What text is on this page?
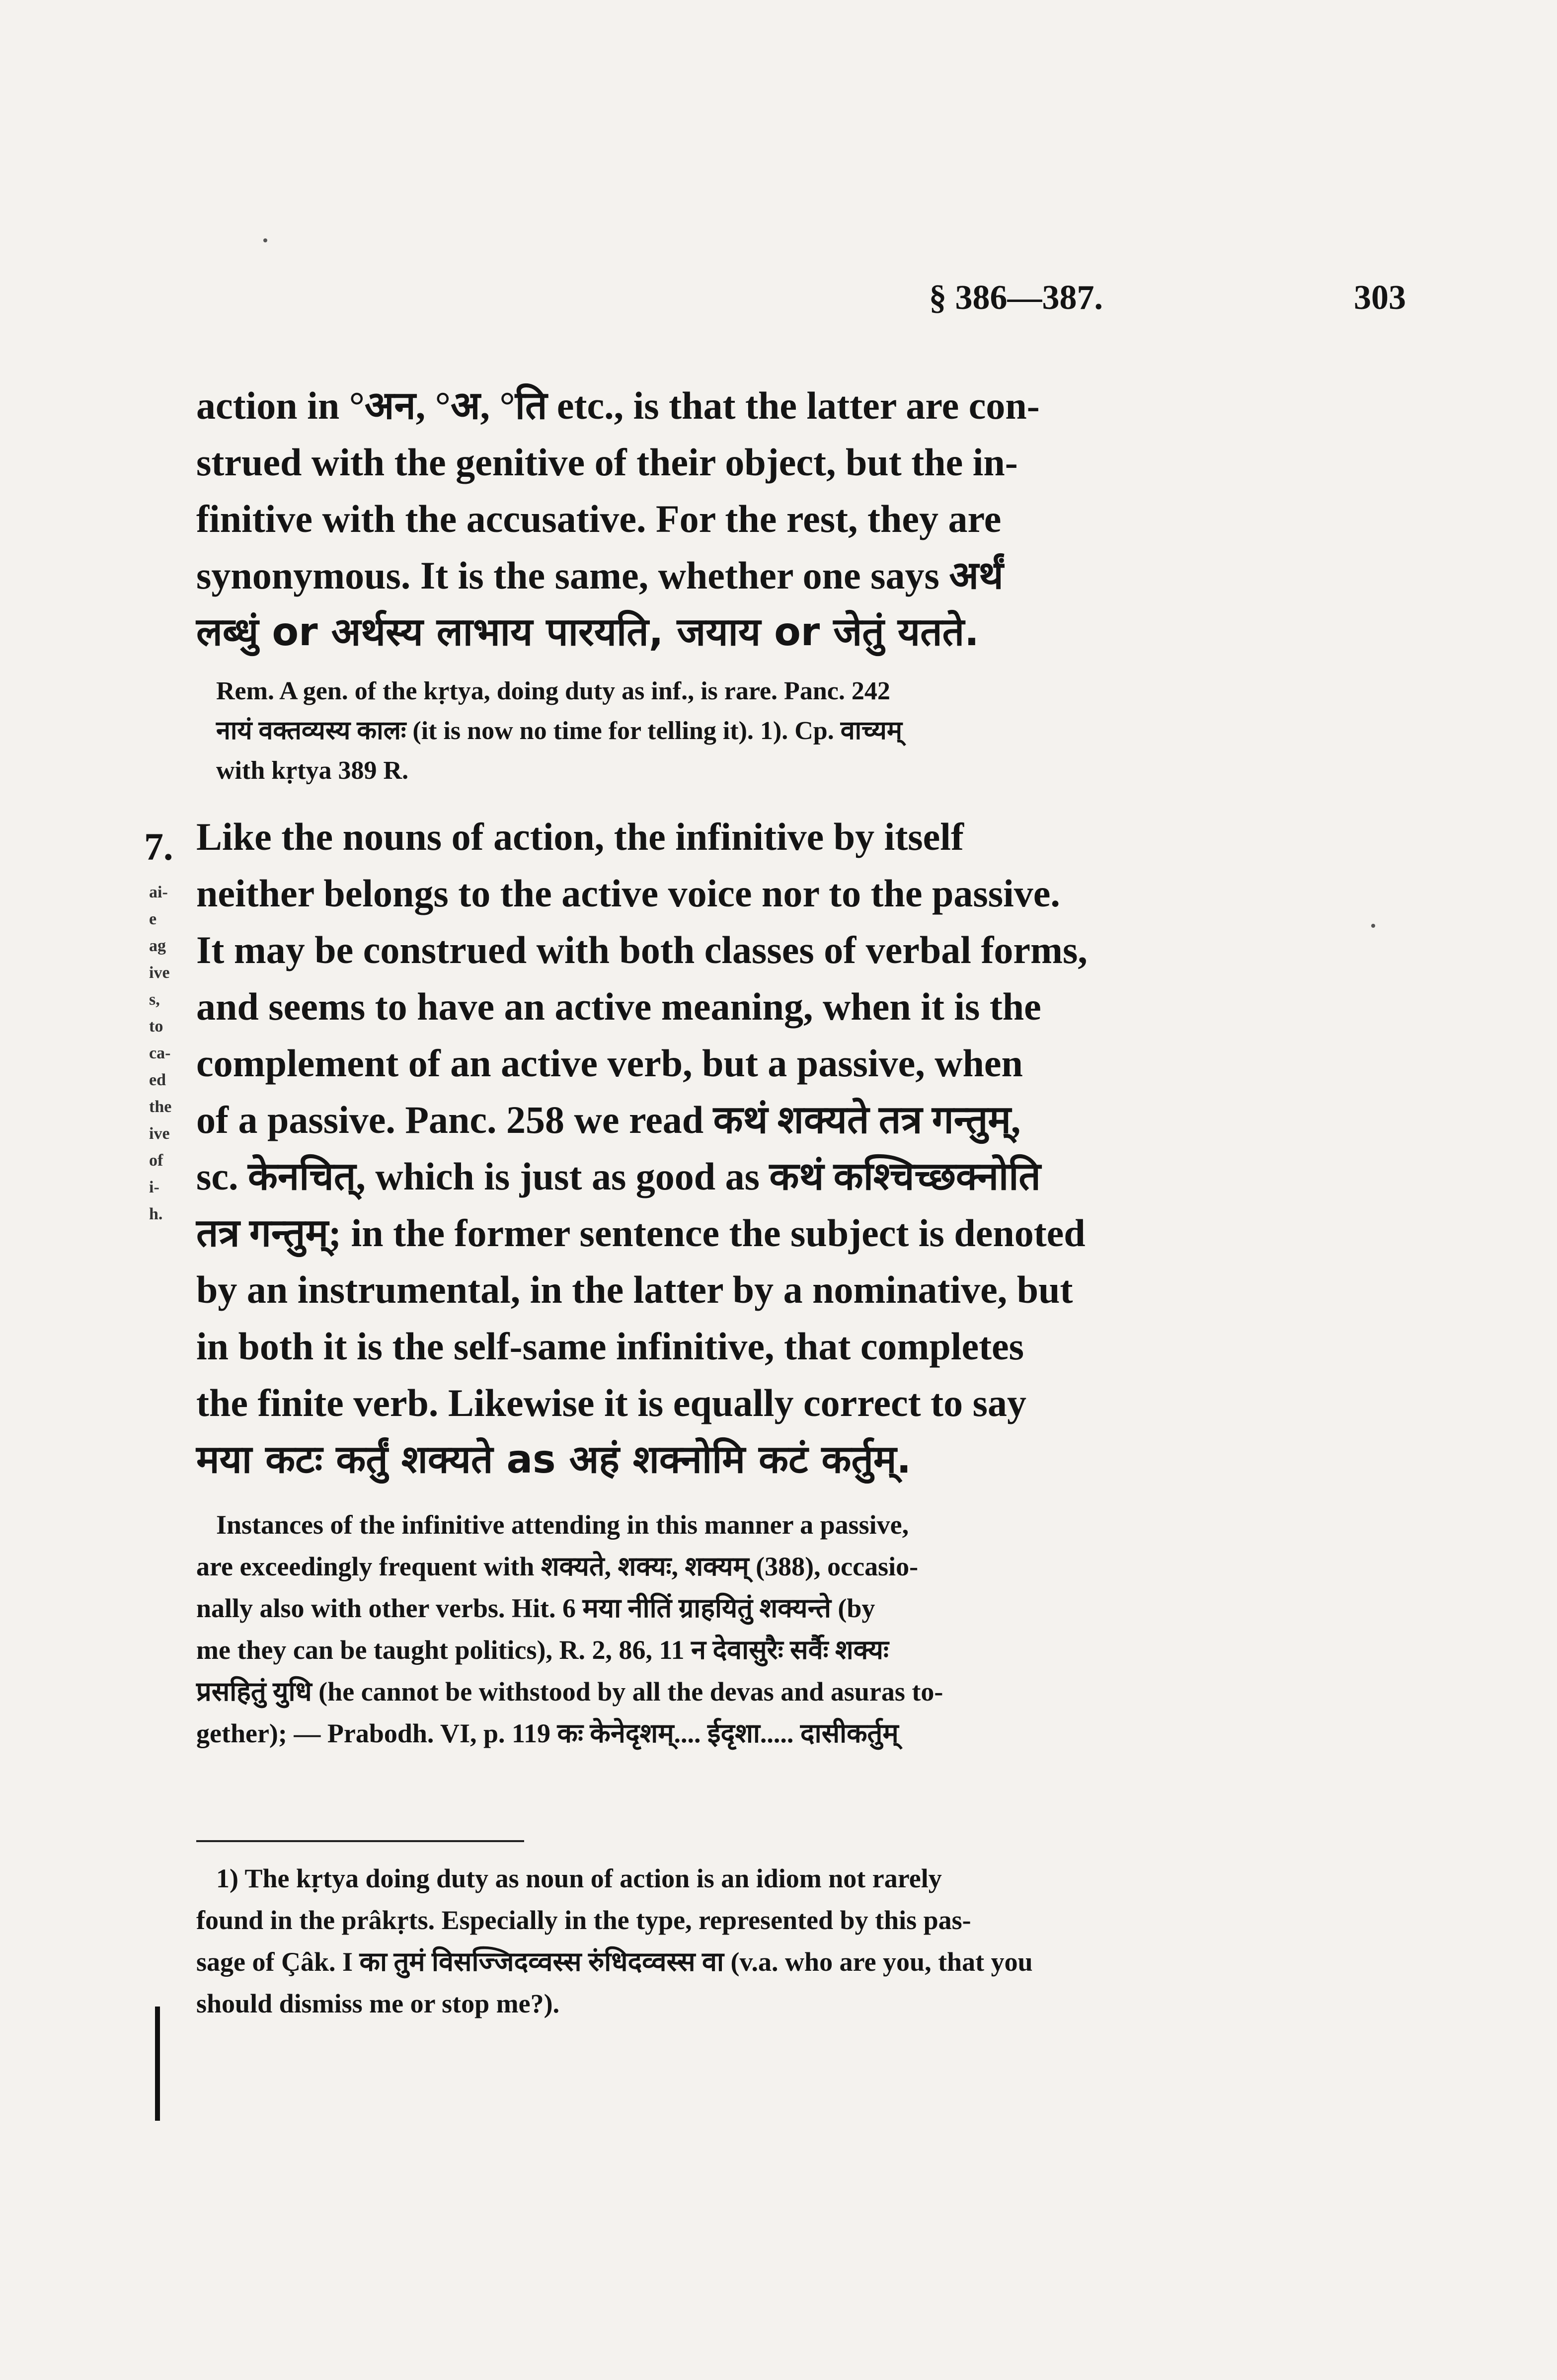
§ 386—387.	303

action in °अन, °अ, °ति etc., is that the latter are con-
strued with the genitive of their object, but the in-
finitive with the accusative. For the rest, they are
synonymous. It is the same, whether one says अर्थं
लब्धुं or अर्थस्य लाभाय पारयति, जयाय or जेतुं यतते.

Rem. A gen. of the kṛtya, doing duty as inf., is rare. Panc. 242
नायं वक्तव्यस्य कालः (it is now no time for telling it). 1). Cp. वाच्यम्
with kṛtya 389 R.

Like the nouns of action, the infinitive by itself
neither belongs to the active voice nor to the passive.
It may be construed with both classes of verbal forms,
and seems to have an active meaning, when it is the
complement of an active verb, but a passive, when
of a passive. Panc. 258 we read कथं शक्यते तत्र गन्तुम्,
sc. केनचित्, which is just as good as कथं कश्चिच्छक्नोति
तत्र गन्तुम्; in the former sentence the subject is denoted
by an instrumental, in the latter by a nominative, but
in both it is the self-same infinitive, that completes
the finite verb. Likewise it is equally correct to say
मया कटः कर्तुं शक्यते as अहं शक्नोमि कटं कर्तुम्.

Instances of the infinitive attending in this manner a passive,
are exceedingly frequent with शक्यते, शक्यः, शक्यम् (388), occasio-
nally also with other verbs. Hit. 6 मया नीतिं ग्राहयितुं शक्यन्ते (by
me they can be taught politics), R. 2, 86, 11 न देवासुरैः सर्वैः शक्यः
प्रसहितुं युधि (he cannot be withstood by all the devas and asuras to-
gether); — Prabodh. VI, p. 119 कः केनेदृशम्.... ईदृशा..... दासीकर्तुम्

7.
ai-
e
ag
ive
s,
to
ca-
ed
the
ive
of
i-
h.
1) The kṛtya doing duty as noun of action is an idiom not rarely
found in the prâkṛts. Especially in the type, represented by this pas-
sage of Çâk. I का तुमं विसज्जिदव्वस्स रुंधिदव्वस्स वा (v.a. who are you, that you
should dismiss me or stop me?).
